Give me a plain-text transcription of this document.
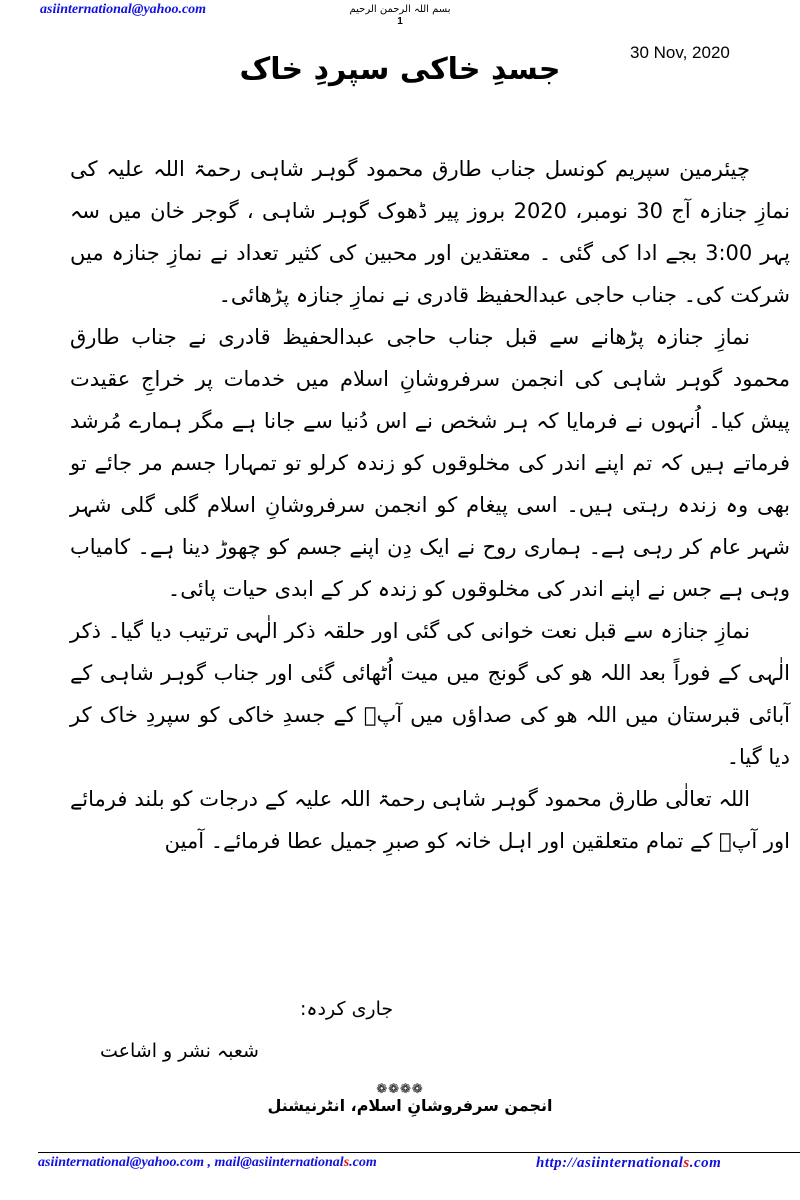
asiinternational@yahoo.com	بسم اللہ الرحمن الرحیم
1
30 Nov, 2020
جسدِ خاکی سپردِ خاک

چیئرمین سپریم کونسل جناب طارق محمود گوہر شاہی رحمۃ اللہ علیہ کی نمازِ جنازہ آج 30 نومبر، 2020 بروز پیر ڈھوک گوہر شاہی ، گوجر خان میں سہ پہر 3:00 بجے ادا کی گئی ۔ معتقدین اور محبین کی کثیر تعداد نے نمازِ جنازہ میں شرکت کی۔ جناب حاجی عبدالحفیظ قادری نے نمازِ جنازہ پڑھائی۔

نمازِ جنازہ پڑھانے سے قبل جناب حاجی عبدالحفیظ قادری نے جناب طارق محمود گوہر شاہی کی انجمن سرفروشانِ اسلام میں خدمات پر خراجِ عقیدت پیش کیا۔ اُنہوں نے فرمایا کہ ہر شخص نے اس دُنیا سے جانا ہے مگر ہمارے مُرشد فرماتے ہیں کہ تم اپنے اندر کی مخلوقوں کو زندہ کرلو تو تمہارا جسم مر جائے تو بھی وہ زندہ رہتی ہیں۔ اسی پیغام کو انجمن سرفروشانِ اسلام گلی گلی شہر شہر عام کر رہی ہے۔ ہماری روح نے ایک دِن اپنے جسم کو چھوڑ دینا ہے۔ کامیاب وہی ہے جس نے اپنے اندر کی مخلوقوں کو زندہ کر کے ابدی حیات پائی۔

نمازِ جنازہ سے قبل نعت خوانی کی گئی اور حلقہ ذکر الٰہی ترتیب دیا گیا۔ ذکر الٰہی کے فوراً بعد اللہ ھو کی گونج میں میت اُٹھائی گئی اور جناب گوہر شاہی کے آبائی قبرستان میں اللہ ھو کی صداؤں میں آپؒ کے جسدِ خاکی کو سپردِ خاک کر دیا گیا۔

اللہ تعالٰی طارق محمود گوہر شاہی رحمۃ اللہ علیہ کے درجات کو بلند فرمائے اور آپؒ کے تمام متعلقین اور اہل خانہ کو صبرِ جمیل عطا فرمائے۔ آمین

جاری کردہ:
شعبہ نشر و اشاعت
❁❁❁❁
انجمن سرفروشانِ اسلام، انٹرنیشنل
asiinternational@yahoo.com , mail@asiinternationals.com	http://asiinternationals.com
